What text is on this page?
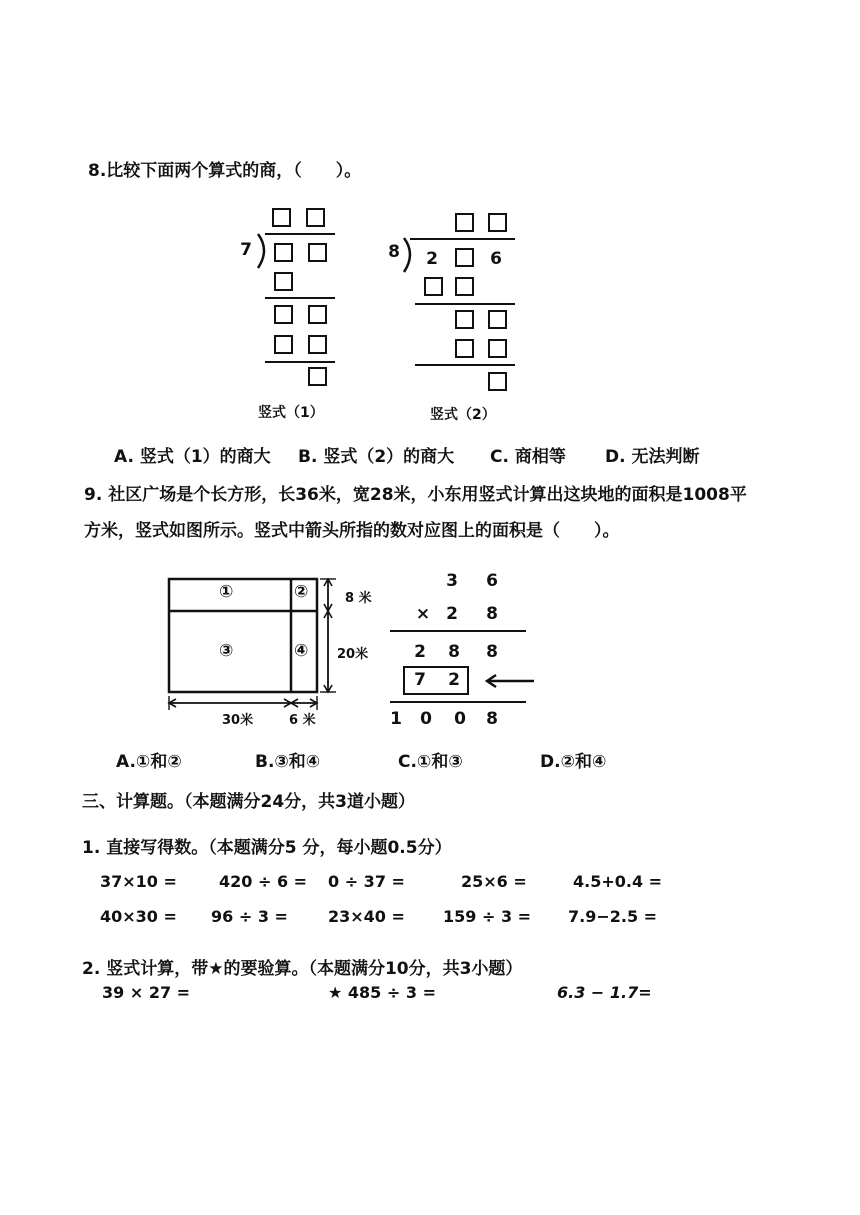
8.比较下面两个算式的商，（　　）。
7
竖式（1）
8 2	6
竖式（2）
A. 竖式（1）的商大 B. 竖式（2）的商大 C. 商相等 D. 无法判断
9. 社区广场是个长方形，长36米，宽28米，小东用竖式计算出这块地的面积是1008平
方米，竖式如图所示。竖式中箭头所指的数对应图上的面积是（　　）。
①	②
③	④
8 米
20米
30米	6 米
3 6
× 2 8
2 8 8
7 2
1 0 0 8
A.①和②	B.③和④	C.①和③	D.②和④
三、计算题。（本题满分24分，共3道小题）
1. 直接写得数。（本题满分5 分，每小题0.5分）
37×10 =	420 ÷ 6 = 0 ÷ 37 =	25×6 =	4.5+0.4 =
40×30 = 96 ÷ 3 =	23×40 = 159 ÷ 3 = 7.9−2.5 =
2. 竖式计算，带★的要验算。（本题满分10分，共3小题）
39 × 27 =	★ 485 ÷ 3 =	6.3 − 1.7=
